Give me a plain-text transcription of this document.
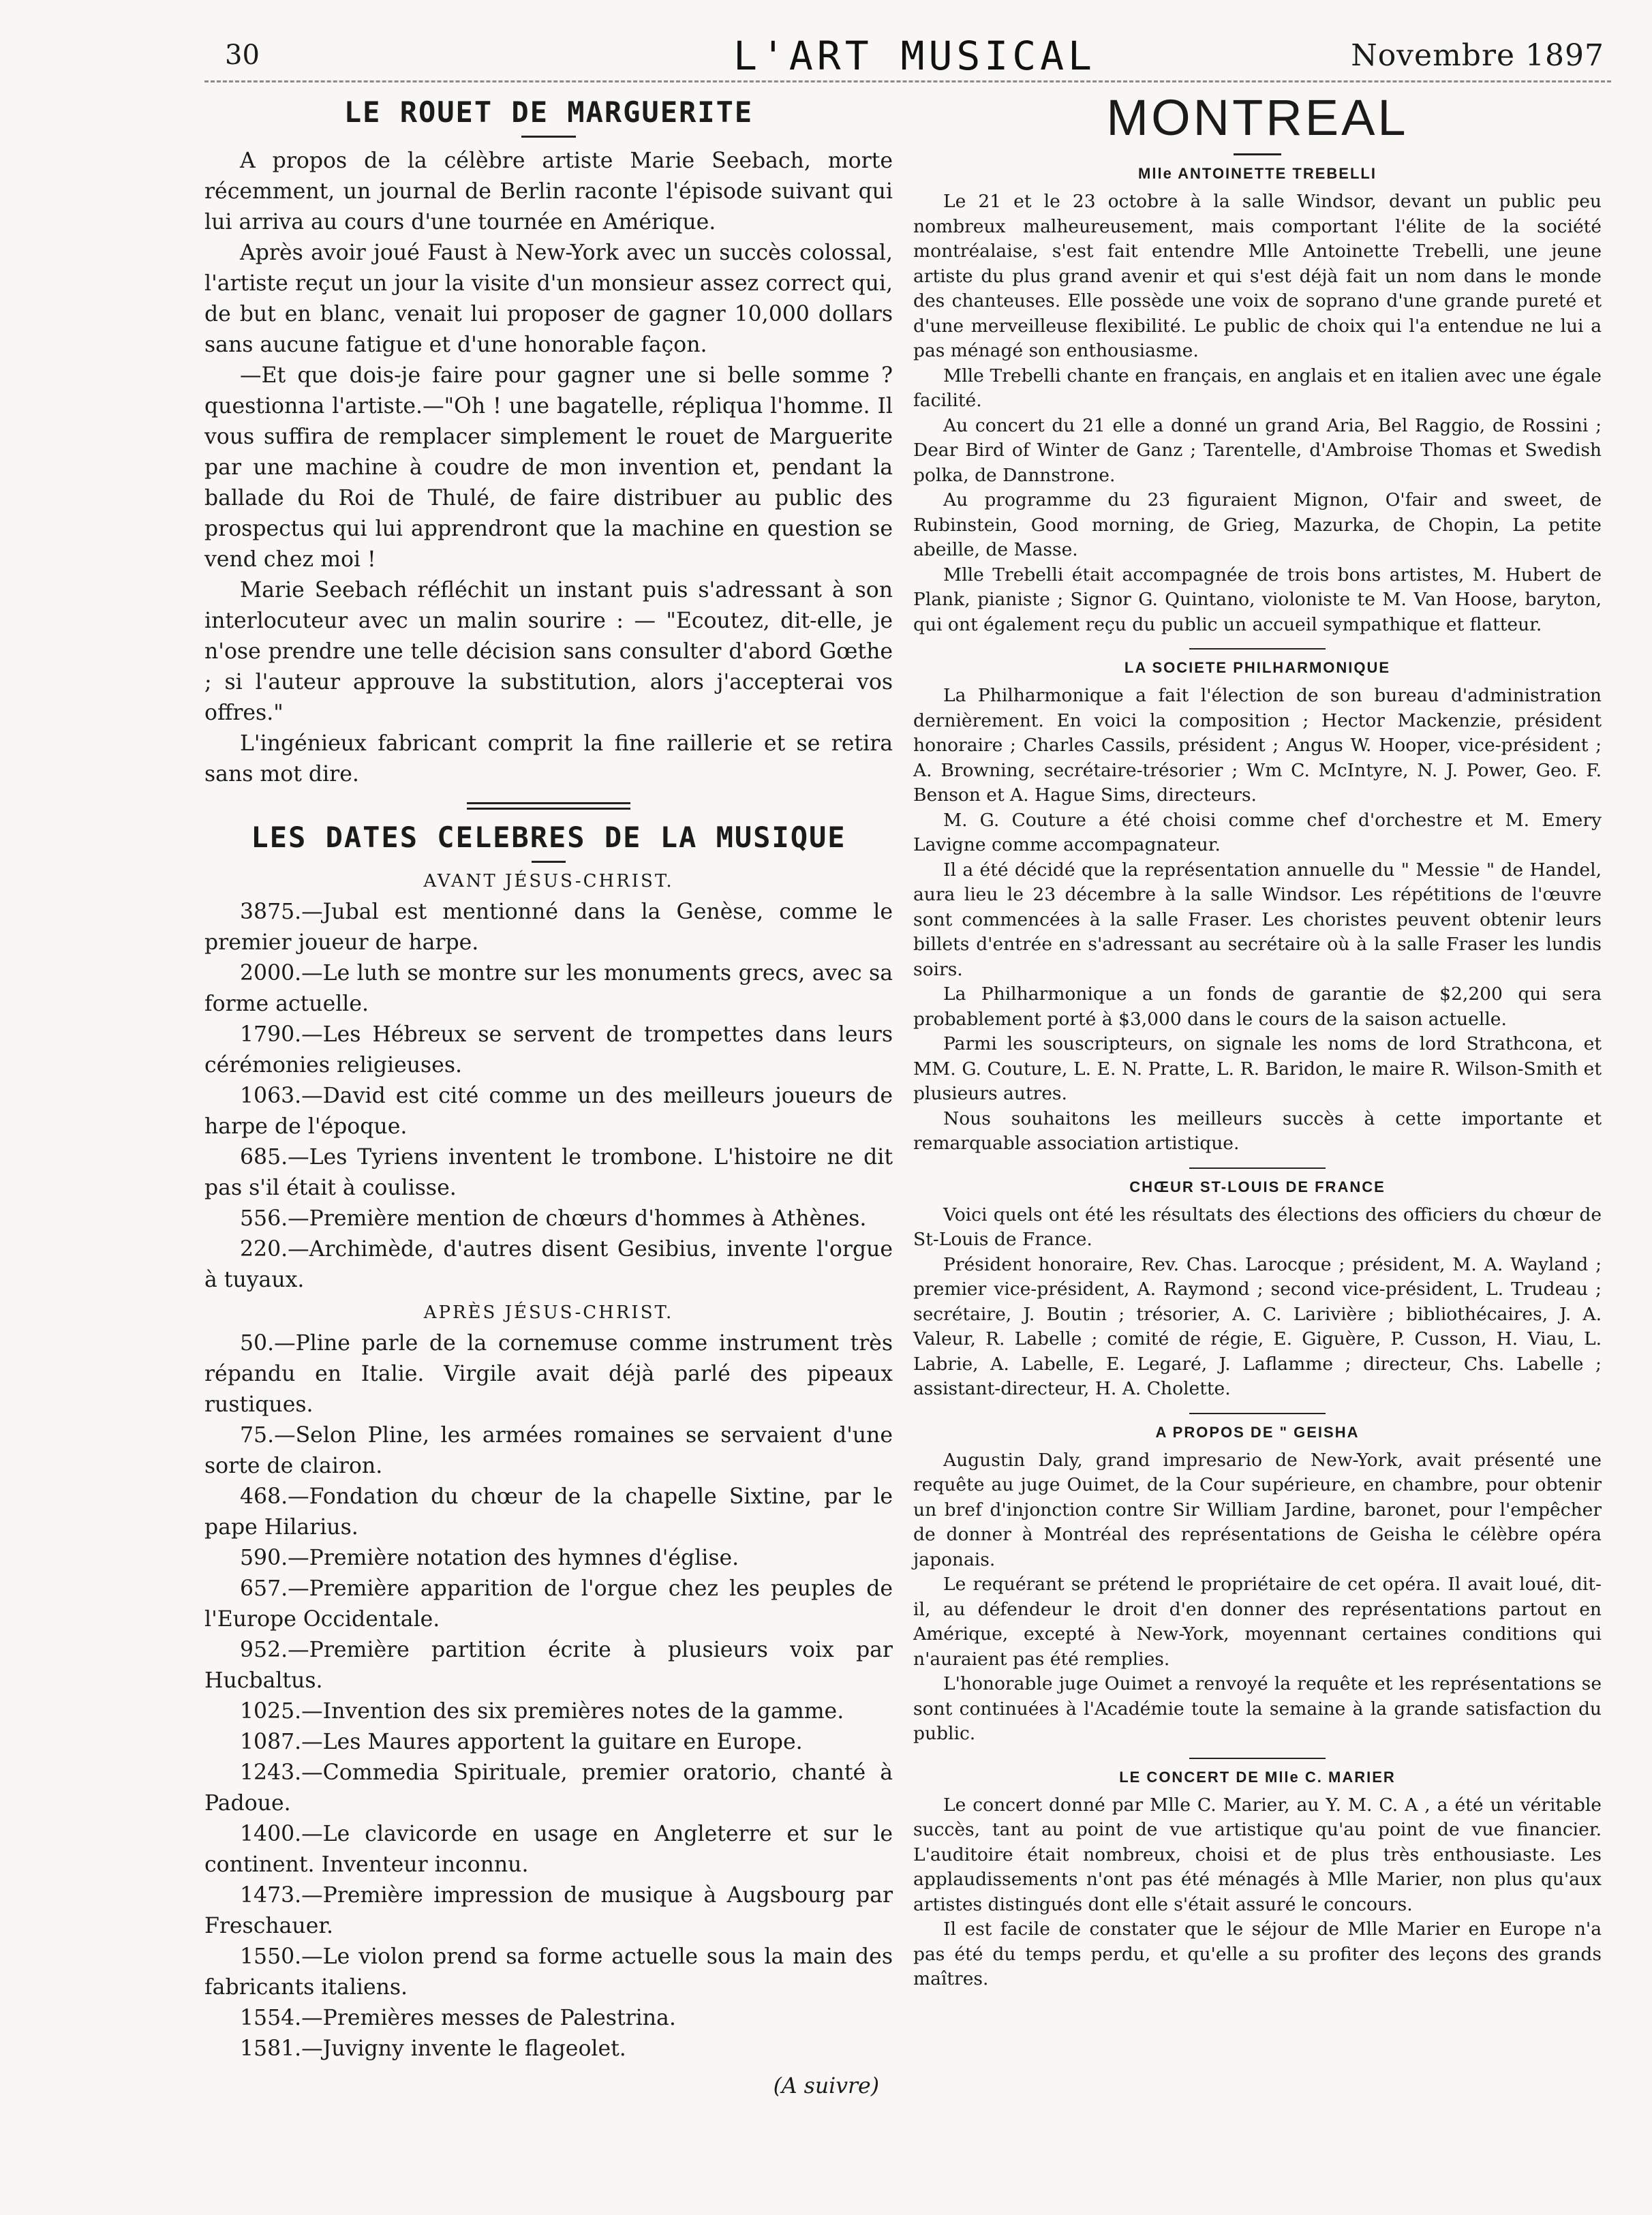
30	L'ART MUSICAL	Novembre 1897
LE ROUET DE MARGUERITE

A propos de la célèbre artiste Marie Seebach, morte récemment, un journal de Berlin raconte l'épisode suivant qui lui arriva au cours d'une tournée en Amérique.

Après avoir joué Faust à New-York avec un succès colossal, l'artiste reçut un jour la visite d'un monsieur assez correct qui, de but en blanc, venait lui proposer de gagner 10,000 dollars sans aucune fatigue et d'une honorable façon.

—Et que dois-je faire pour gagner une si belle somme ? questionna l'artiste.—"Oh ! une bagatelle, répliqua l'homme. Il vous suffira de remplacer simplement le rouet de Marguerite par une machine à coudre de mon invention et, pendant la ballade du Roi de Thulé, de faire distribuer au public des prospectus qui lui apprendront que la machine en question se vend chez moi !

Marie Seebach réfléchit un instant puis s'adressant à son interlocuteur avec un malin sourire : — "Ecoutez, dit-elle, je n'ose prendre une telle décision sans consulter d'abord Gœthe ; si l'auteur approuve la substitution, alors j'accepterai vos offres."

L'ingénieux fabricant comprit la fine raillerie et se retira sans mot dire.

LES DATES CELEBRES DE LA MUSIQUE
AVANT JÉSUS-CHRIST.

3875.—Jubal est mentionné dans la Genèse, comme le premier joueur de harpe.

2000.—Le luth se montre sur les monuments grecs, avec sa forme actuelle.

1790.—Les Hébreux se servent de trompettes dans leurs cérémonies religieuses.

1063.—David est cité comme un des meilleurs joueurs de harpe de l'époque.

685.—Les Tyriens inventent le trombone. L'histoire ne dit pas s'il était à coulisse.

556.—Première mention de chœurs d'hommes à Athènes.

220.—Archimède, d'autres disent Gesibius, invente l'orgue à tuyaux.

APRÈS JÉSUS-CHRIST.

50.—Pline parle de la cornemuse comme instrument très répandu en Italie. Virgile avait déjà parlé des pipeaux rustiques.

75.—Selon Pline, les armées romaines se servaient d'une sorte de clairon.

468.—Fondation du chœur de la chapelle Sixtine, par le pape Hilarius.

590.—Première notation des hymnes d'église.

657.—Première apparition de l'orgue chez les peuples de l'Europe Occidentale.

952.—Première partition écrite à plusieurs voix par Hucbaltus.

1025.—Invention des six premières notes de la gamme.

1087.—Les Maures apportent la guitare en Europe.

1243.—Commedia Spirituale, premier oratorio, chanté à Padoue.

1400.—Le clavicorde en usage en Angleterre et sur le continent. Inventeur inconnu.

1473.—Première impression de musique à Augsbourg par Freschauer.

1550.—Le violon prend sa forme actuelle sous la main des fabricants italiens.

1554.—Premières messes de Palestrina.

1581.—Juvigny invente le flageolet.

(A suivre)
MONTREAL
Mlle ANTOINETTE TREBELLI

Le 21 et le 23 octobre à la salle Windsor, devant un public peu nombreux malheureusement, mais comportant l'élite de la société montréalaise, s'est fait entendre Mlle Antoinette Trebelli, une jeune artiste du plus grand avenir et qui s'est déjà fait un nom dans le monde des chanteuses. Elle possède une voix de soprano d'une grande pureté et d'une merveilleuse flexibilité. Le public de choix qui l'a entendue ne lui a pas ménagé son enthousiasme.

Mlle Trebelli chante en français, en anglais et en italien avec une égale facilité.

Au concert du 21 elle a donné un grand Aria, Bel Raggio, de Rossini ; Dear Bird of Winter de Ganz ; Tarentelle, d'Ambroise Thomas et Swedish polka, de Dannstrone.

Au programme du 23 figuraient Mignon, O'fair and sweet, de Rubinstein, Good morning, de Grieg, Mazurka, de Chopin, La petite abeille, de Masse.

Mlle Trebelli était accompagnée de trois bons artistes, M. Hubert de Plank, pianiste ; Signor G. Quintano, violoniste te M. Van Hoose, baryton, qui ont également reçu du public un accueil sympathique et flatteur.

LA SOCIETE PHILHARMONIQUE

La Philharmonique a fait l'élection de son bureau d'administration dernièrement. En voici la composition ; Hector Mackenzie, président honoraire ; Charles Cassils, président ; Angus W. Hooper, vice-président ; A. Browning, secrétaire-trésorier ; Wm C. McIntyre, N. J. Power, Geo. F. Benson et A. Hague Sims, directeurs.

M. G. Couture a été choisi comme chef d'orchestre et M. Emery Lavigne comme accompagnateur.

Il a été décidé que la représentation annuelle du " Messie " de Handel, aura lieu le 23 décembre à la salle Windsor. Les répétitions de l'œuvre sont commencées à la salle Fraser. Les choristes peuvent obtenir leurs billets d'entrée en s'adressant au secrétaire où à la salle Fraser les lundis soirs.

La Philharmonique a un fonds de garantie de $2,200 qui sera probablement porté à $3,000 dans le cours de la saison actuelle.

Parmi les souscripteurs, on signale les noms de lord Strathcona, et MM. G. Couture, L. E. N. Pratte, L. R. Baridon, le maire R. Wilson-Smith et plusieurs autres.

Nous souhaitons les meilleurs succès à cette importante et remarquable association artistique.

CHŒUR ST-LOUIS DE FRANCE

Voici quels ont été les résultats des élections des officiers du chœur de St-Louis de France.

Président honoraire, Rev. Chas. Larocque ; président, M. A. Wayland ; premier vice-président, A. Raymond ; second vice-président, L. Trudeau ; secrétaire, J. Boutin ; trésorier, A. C. Larivière ; bibliothécaires, J. A. Valeur, R. Labelle ; comité de régie, E. Giguère, P. Cusson, H. Viau, L. Labrie, A. Labelle, E. Legaré, J. Laflamme ; directeur, Chs. Labelle ; assistant-directeur, H. A. Cholette.

A PROPOS DE " GEISHA

Augustin Daly, grand impresario de New-York, avait présenté une requête au juge Ouimet, de la Cour supérieure, en chambre, pour obtenir un bref d'injonction contre Sir William Jardine, baronet, pour l'empêcher de donner à Montréal des représentations de Geisha le célèbre opéra japonais.

Le requérant se prétend le propriétaire de cet opéra. Il avait loué, dit-il, au défendeur le droit d'en donner des représentations partout en Amérique, excepté à New-York, moyennant certaines conditions qui n'auraient pas été remplies.

L'honorable juge Ouimet a renvoyé la requête et les représentations se sont continuées à l'Académie toute la semaine à la grande satisfaction du public.

LE CONCERT DE Mlle C. MARIER

Le concert donné par Mlle C. Marier, au Y. M. C. A , a été un véritable succès, tant au point de vue artistique qu'au point de vue financier. L'auditoire était nombreux, choisi et de plus très enthousiaste. Les applaudissements n'ont pas été ménagés à Mlle Marier, non plus qu'aux artistes distingués dont elle s'était assuré le concours.

Il est facile de constater que le séjour de Mlle Marier en Europe n'a pas été du temps perdu, et qu'elle a su profiter des leçons des grands maîtres.
